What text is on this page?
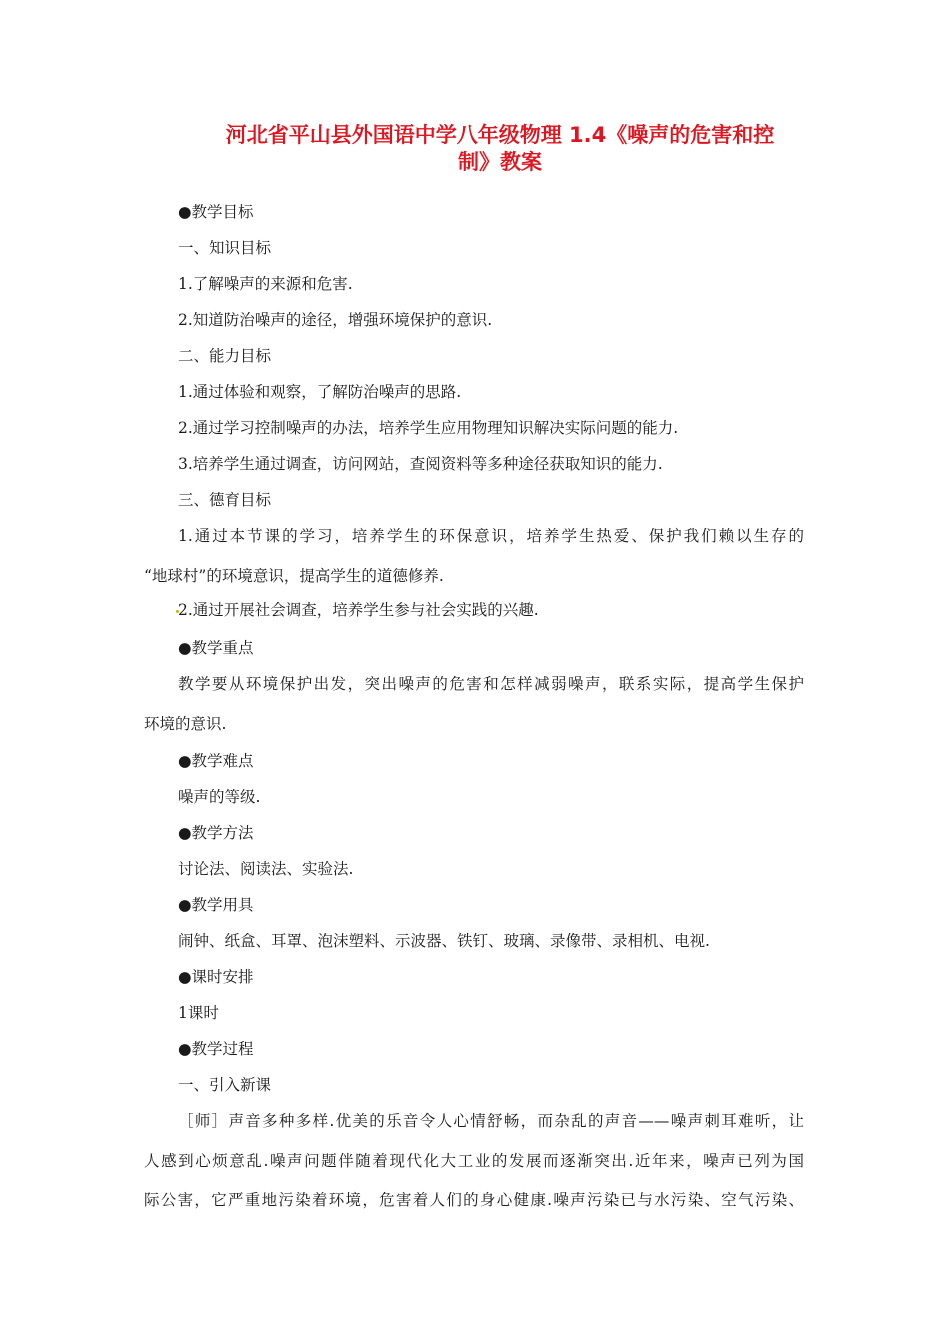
河北省平山县外国语中学八年级物理 1.4《噪声的危害和控
制》教案

●教学目标

一、知识目标

1.了解噪声的来源和危害.

2.知道防治噪声的途径，增强环境保护的意识.

二、能力目标

1.通过体验和观察，了解防治噪声的思路.

2.通过学习控制噪声的办法，培养学生应用物理知识解决实际问题的能力.

3.培养学生通过调查，访问网站，查阅资料等多种途径获取知识的能力.

三、德育目标

1.通过本节课的学习，培养学生的环保意识，培养学生热爱、保护我们赖以生存的

“地球村”的环境意识，提高学生的道德修养.

2.通过开展社会调查，培养学生参与社会实践的兴趣.

●教学重点

教学要从环境保护出发，突出噪声的危害和怎样减弱噪声，联系实际，提高学生保护

环境的意识.

●教学难点

噪声的等级.

●教学方法

讨论法、阅读法、实验法.

●教学用具

闹钟、纸盒、耳罩、泡沫塑料、示波器、铁钉、玻璃、录像带、录相机、电视.

●课时安排

1课时

●教学过程

一、引入新课

［师］声音多种多样.优美的乐音令人心情舒畅，而杂乱的声音——噪声刺耳难听，让

人感到心烦意乱.噪声问题伴随着现代化大工业的发展而逐渐突出.近年来，噪声已列为国

际公害，它严重地污染着环境，危害着人们的身心健康.噪声污染已与水污染、空气污染、
